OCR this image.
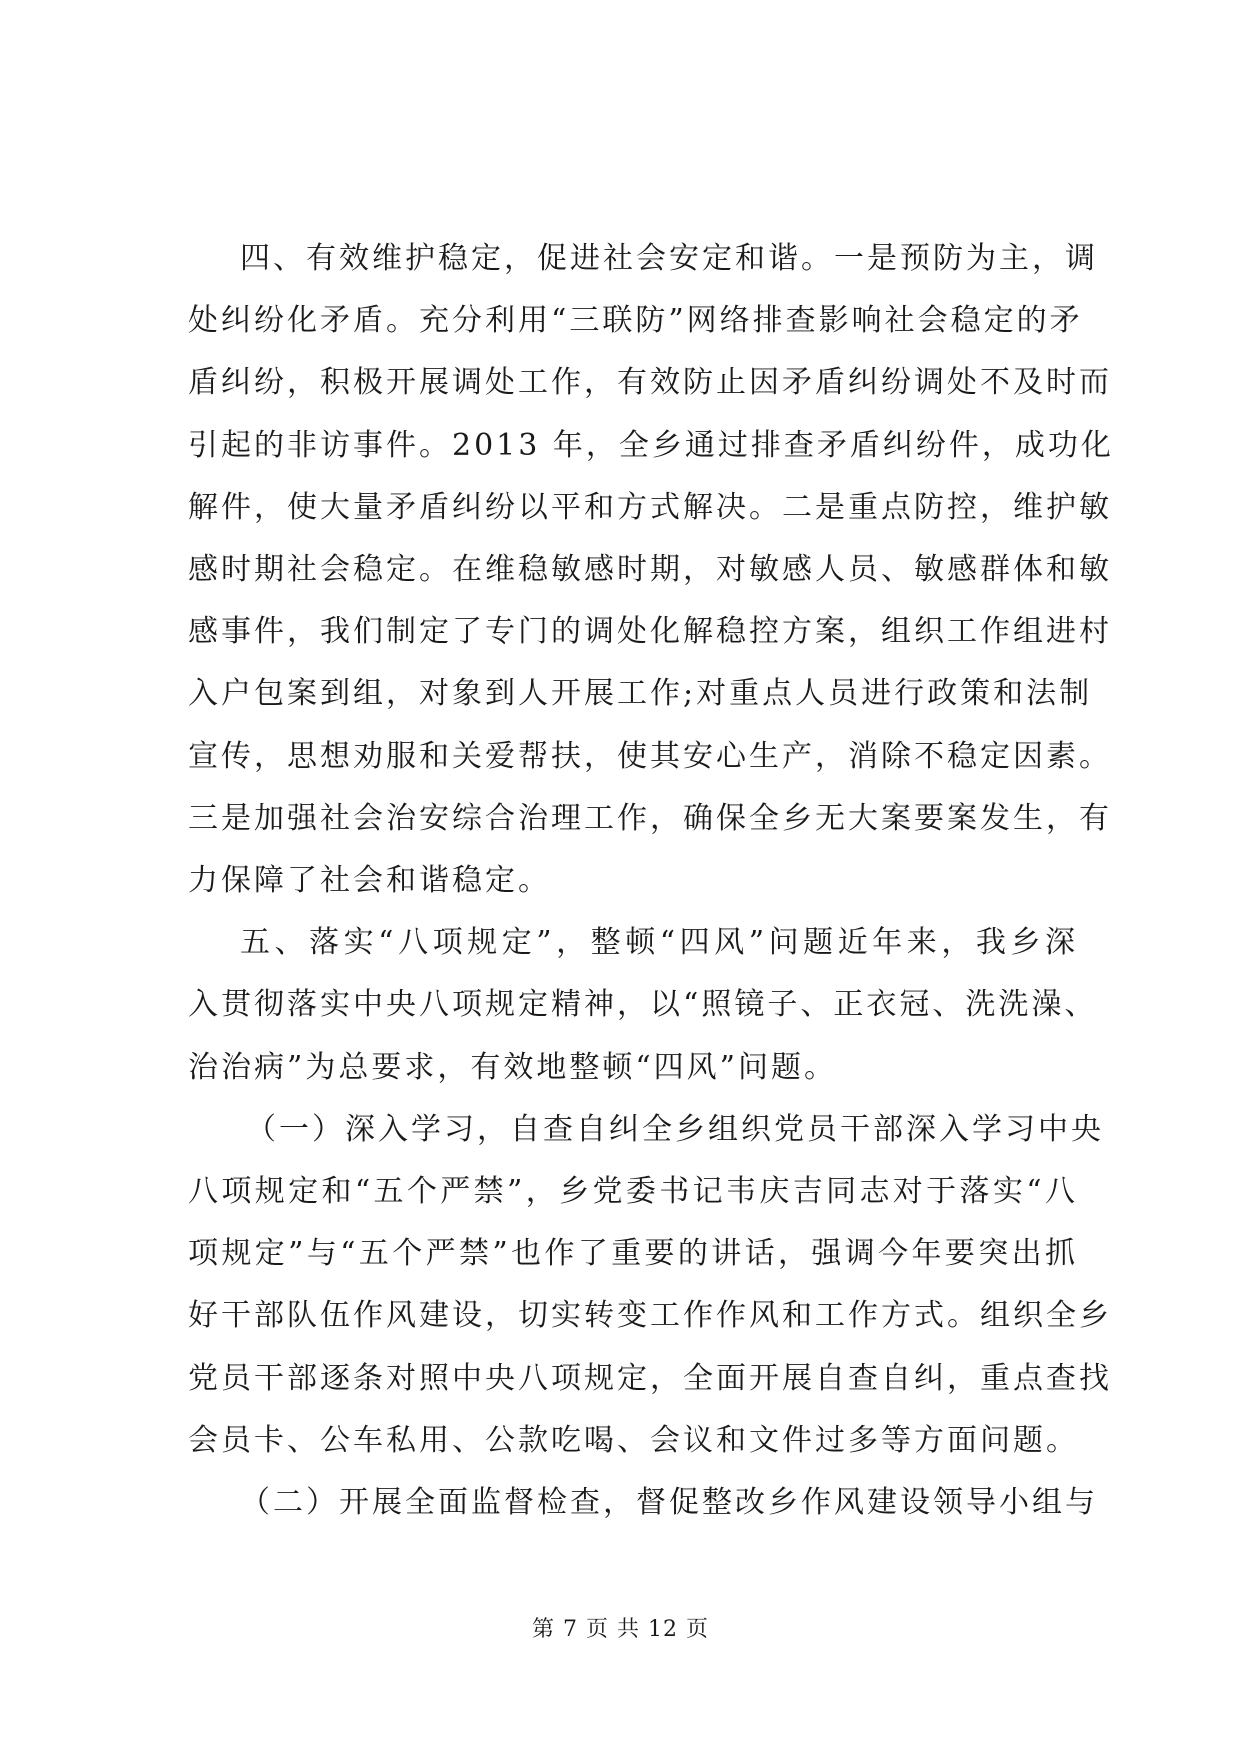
四、有效维护稳定，促进社会安定和谐。一是预防为主，调
处纠纷化矛盾。充分利用“三联防”网络排查影响社会稳定的矛
盾纠纷，积极开展调处工作，有效防止因矛盾纠纷调处不及时而
引起的非访事件。2013 年，全乡通过排查矛盾纠纷件，成功化
解件，使大量矛盾纠纷以平和方式解决。二是重点防控，维护敏
感时期社会稳定。在维稳敏感时期，对敏感人员、敏感群体和敏
感事件，我们制定了专门的调处化解稳控方案，组织工作组进村
入户包案到组，对象到人开展工作;对重点人员进行政策和法制
宣传，思想劝服和关爱帮扶，使其安心生产，消除不稳定因素。
三是加强社会治安综合治理工作，确保全乡无大案要案发生，有
力保障了社会和谐稳定。
五、落实“八项规定”，整顿“四风”问题近年来，我乡深
入贯彻落实中央八项规定精神，以“照镜子、正衣冠、洗洗澡、
治治病”为总要求，有效地整顿“四风”问题。
（一）深入学习，自查自纠全乡组织党员干部深入学习中央
八项规定和“五个严禁”，乡党委书记韦庆吉同志对于落实“八
项规定”与“五个严禁”也作了重要的讲话，强调今年要突出抓
好干部队伍作风建设，切实转变工作作风和工作方式。组织全乡
党员干部逐条对照中央八项规定，全面开展自查自纠，重点查找
会员卡、公车私用、公款吃喝、会议和文件过多等方面问题。
（二）开展全面监督检查，督促整改乡作风建设领导小组与
第 7 页 共 12 页
